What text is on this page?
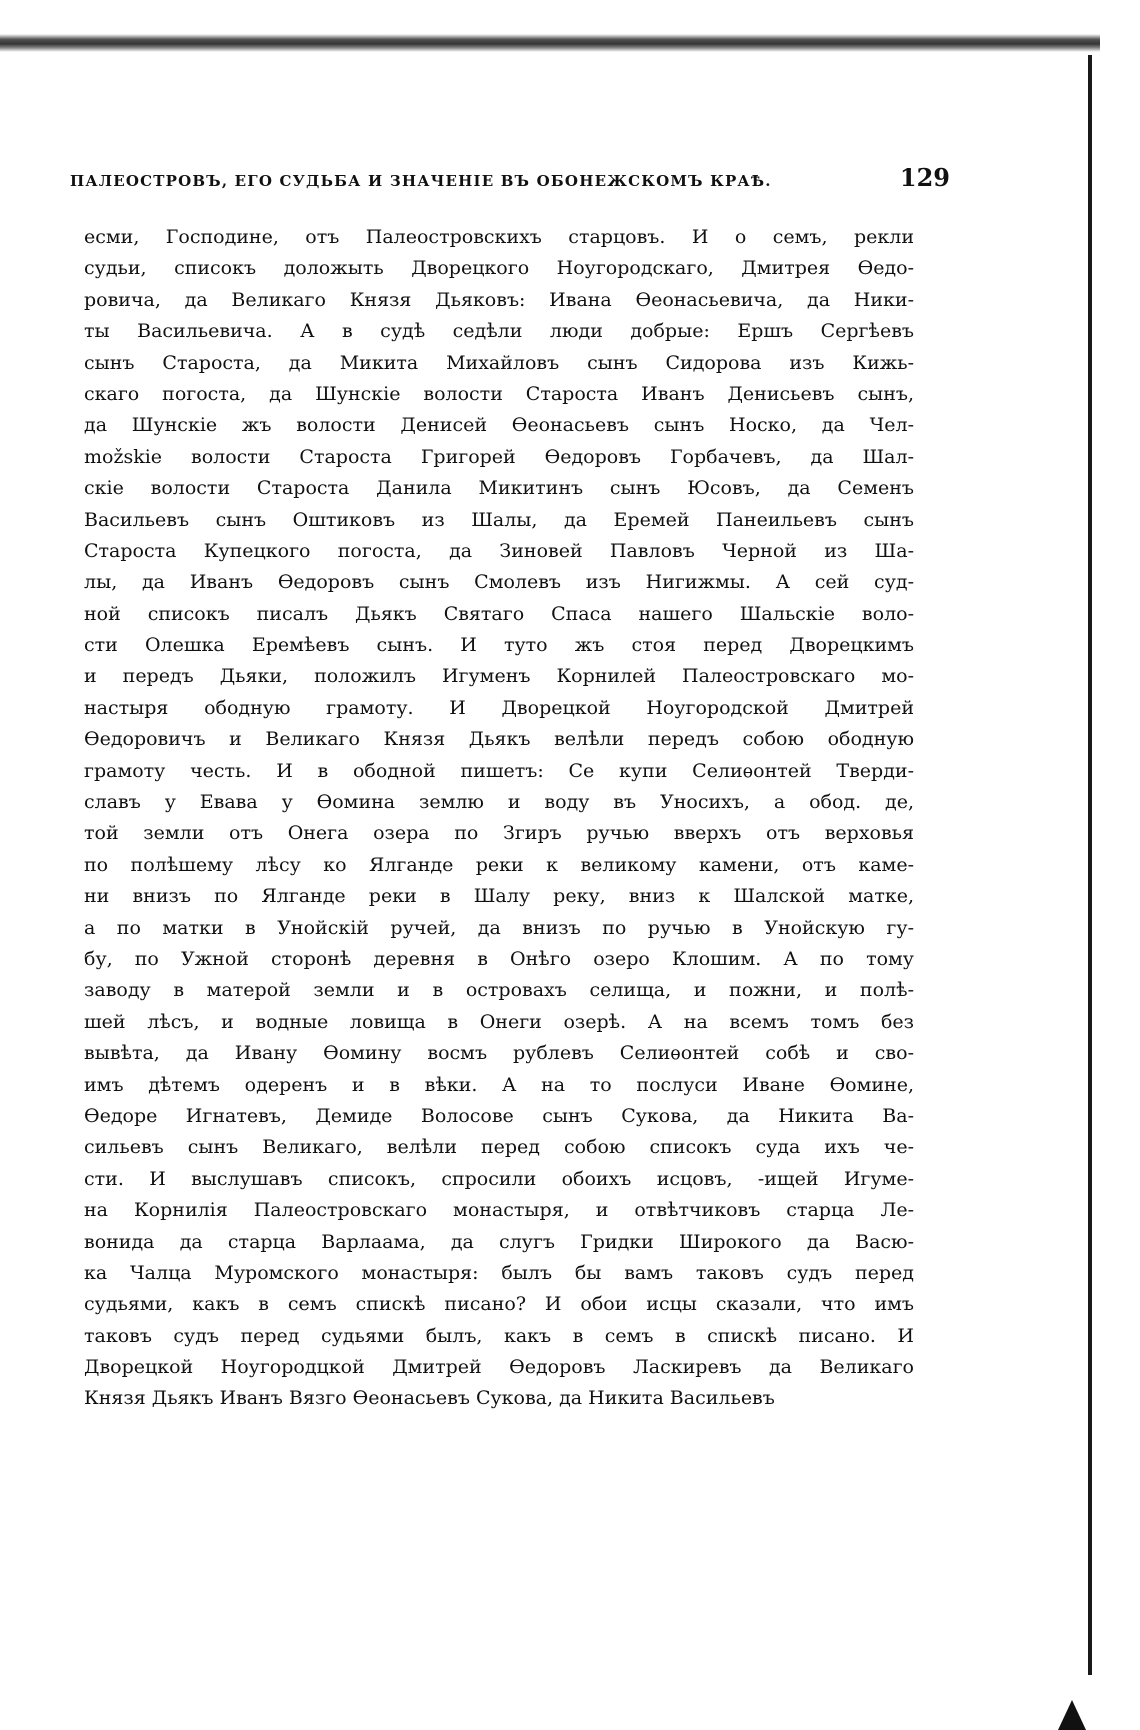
ПАЛЕОСТРОВЪ, ЕГО СУДЬБА И ЗНАЧЕНІЕ ВЪ ОБОНЕЖСКОМЪ КРАѢ.	129
есми, Господине, отъ Палеостровскихъ старцовъ. И о семъ, рекли
судьи, списокъ доложыть Дворецкого Ноугородскаго, Дмитрея Өедо-
ровича, да Великаго Князя Дьяковъ: Ивана Өеонасьевича, да Ники-
ты Васильевича. А в судѣ седѣли люди добрые: Ершъ Сергѣевъ
сынъ Староста, да Микита Михайловъ сынъ Сидорова изъ Кижь-
скаго погоста, да Шунскіе волости Староста Иванъ Денисьевъ сынъ,
да Шунскіе жъ волости Денисей Өеонасьевъ сынъ Носко, да Чел-
možskie волости Староста Григорей Өедоровъ Горбачевъ, да Шал-
скіе волости Староста Данила Микитинъ сынъ Юсовъ, да Семенъ
Васильевъ сынъ Оштиковъ из Шалы, да Еремей Панеильевъ сынъ
Староста Купецкого погоста, да Зиновей Павловъ Черной из Ша-
лы, да Иванъ Өедоровъ сынъ Смолевъ изъ Нигижмы. А сей суд-
ной списокъ писалъ Дьякъ Святаго Спаса нашего Шальскіе воло-
сти Олешка Еремѣевъ сынъ. И туто жъ стоя перед Дворецкимъ
и передъ Дьяки, положилъ Игуменъ Корнилей Палеостровскаго мо-
настыря ободную грамоту. И Дворецкой Ноугородской Дмитрей
Өедоровичъ и Великаго Князя Дьякъ велѣли передъ собою ободную
грамоту честь. И в ободной пишетъ: Се купи Селиѳонтей Тверди-
славъ у Евава у Өомина землю и воду въ Уносихъ, а обод. де,
той земли отъ Онега озера по Згиръ ручью вверхъ отъ верховья
по полѣшему лѣсу ко Ялганде реки к великому камени, отъ каме-
ни внизъ по Ялганде реки в Шалу реку, вниз к Шалской матке,
а по матки в Унойскій ручей, да внизъ по ручью в Унойскую гу-
бу, по Ужной сторонѣ деревня в Онѣго озеро Клошим. А по тому
заводу в матерой земли и в островахъ селища, и пожни, и полѣ-
шей лѣсъ, и водные ловища в Онеги озерѣ. А на всемъ томъ без
вывѣта, да Ивану Өомину восмъ рублевъ Селиѳонтей собѣ и сво-
имъ дѣтемъ одеренъ и в вѣки. А на то послуси Иване Өомине,
Өедоре Игнатевъ, Демиде Волосове сынъ Сукова, да Никита Ва-
сильевъ сынъ Великаго, велѣли перед собою списокъ суда ихъ че-
сти. И выслушавъ списокъ, спросили обоихъ исцовъ, -ищей Игуме-
на Корнилія Палеостровскаго монастыря, и отвѣтчиковъ старца Ле-
вонида да старца Варлаама, да слугъ Гридки Широкого да Васю-
ка Чалца Муромского монастыря: былъ бы вамъ таковъ судъ перед
судьями, какъ в семъ спискѣ писано? И обои исцы сказали, что имъ
таковъ судъ перед судьями былъ, какъ в семъ в спискѣ писано. И
Дворецкой Ноугородцкой Дмитрей Өедоровъ Ласкиревъ да Великаго
Князя Дьякъ Иванъ Вязго Өеонасьевъ Сукова, да Никита Васильевъ
